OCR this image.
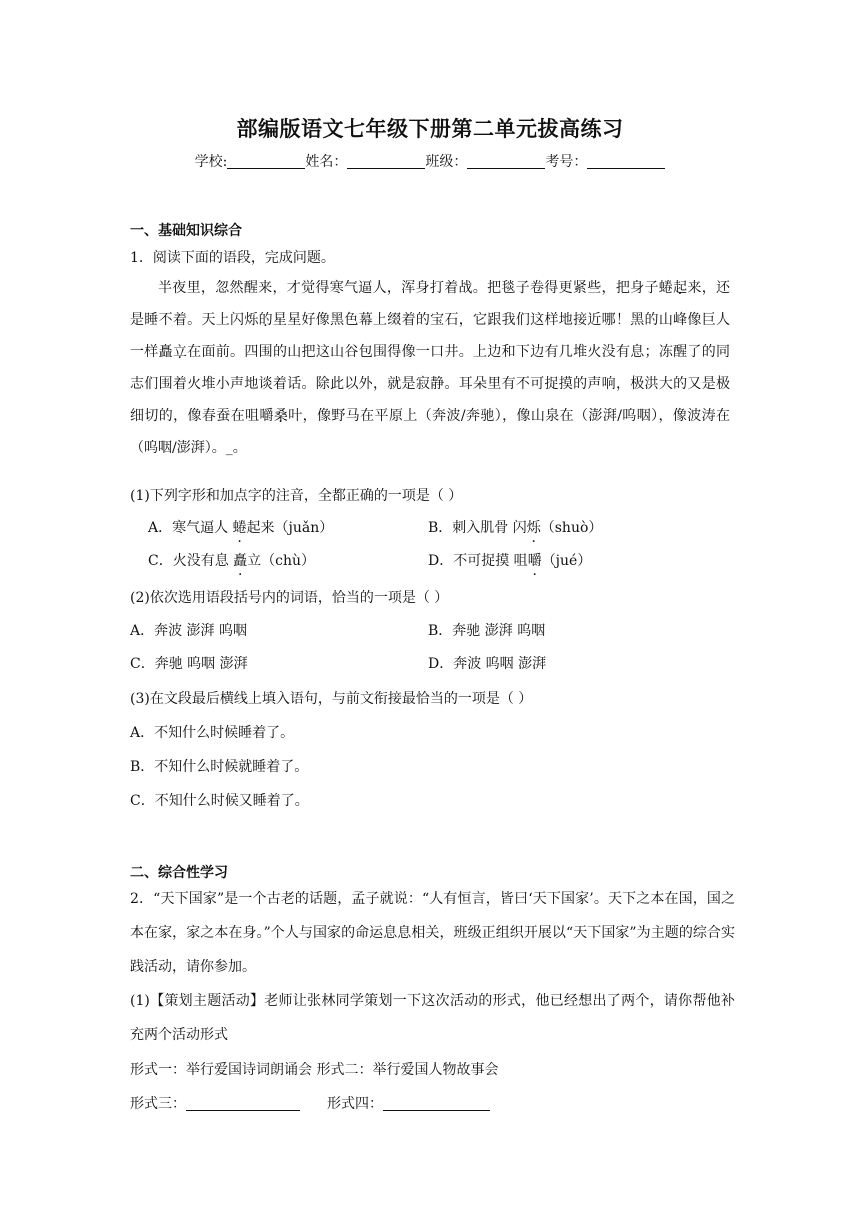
部编版语文七年级下册第二单元拔高练习
学校:	姓名：	班级：	考号：
一、基础知识综合
1．阅读下面的语段，完成问题。
半夜里，忽然醒来，才觉得寒气逼人，浑身打着战。把毯子卷得更紧些，把身子蜷起来，还是睡不着。天上闪烁的星星好像黑色幕上缀着的宝石，它跟我们这样地接近哪！黑的山峰像巨人一样矗立在面前。四围的山把这山谷包围得像一口井。上边和下边有几堆火没有息；冻醒了的同志们围着火堆小声地谈着话。除此以外，就是寂静。耳朵里有不可捉摸的声响，极洪大的又是极细切的，像春蚕在咀嚼桑叶，像野马在平原上（奔波/奔驰），像山泉在（澎湃/呜咽），像波涛在（呜咽/澎湃）。_。
(1)下列字形和加点字的注音，全都正确的一项是（ ）
A．寒气逼人 蜷起来（juǎn）	B．刺入肌骨 闪烁（shuò）
C．火没有息 矗立（chù）	D．不可捉摸 咀嚼（jué）
(2)依次选用语段括号内的词语，恰当的一项是（ ）
A．奔波 澎湃 呜咽	B．奔驰 澎湃 呜咽
C．奔驰 呜咽 澎湃	D．奔波 呜咽 澎湃
(3)在文段最后横线上填入语句，与前文衔接最恰当的一项是（ ）
A．不知什么时候睡着了。
B．不知什么时候就睡着了。
C．不知什么时候又睡着了。
二、综合性学习
2．“天下国家”是一个古老的话题，孟子就说：“人有恒言，皆曰‘天下国家’。天下之本在国，国之本在家，家之本在身。”个人与国家的命运息息相关，班级正组织开展以“天下国家”为主题的综合实践活动，请你参加。
(1)【策划主题活动】老师让张林同学策划一下这次活动的形式，他已经想出了两个，请你帮他补充两个活动形式
形式一：举行爱国诗词朗诵会 形式二：举行爱国人物故事会
形式三：	形式四：
